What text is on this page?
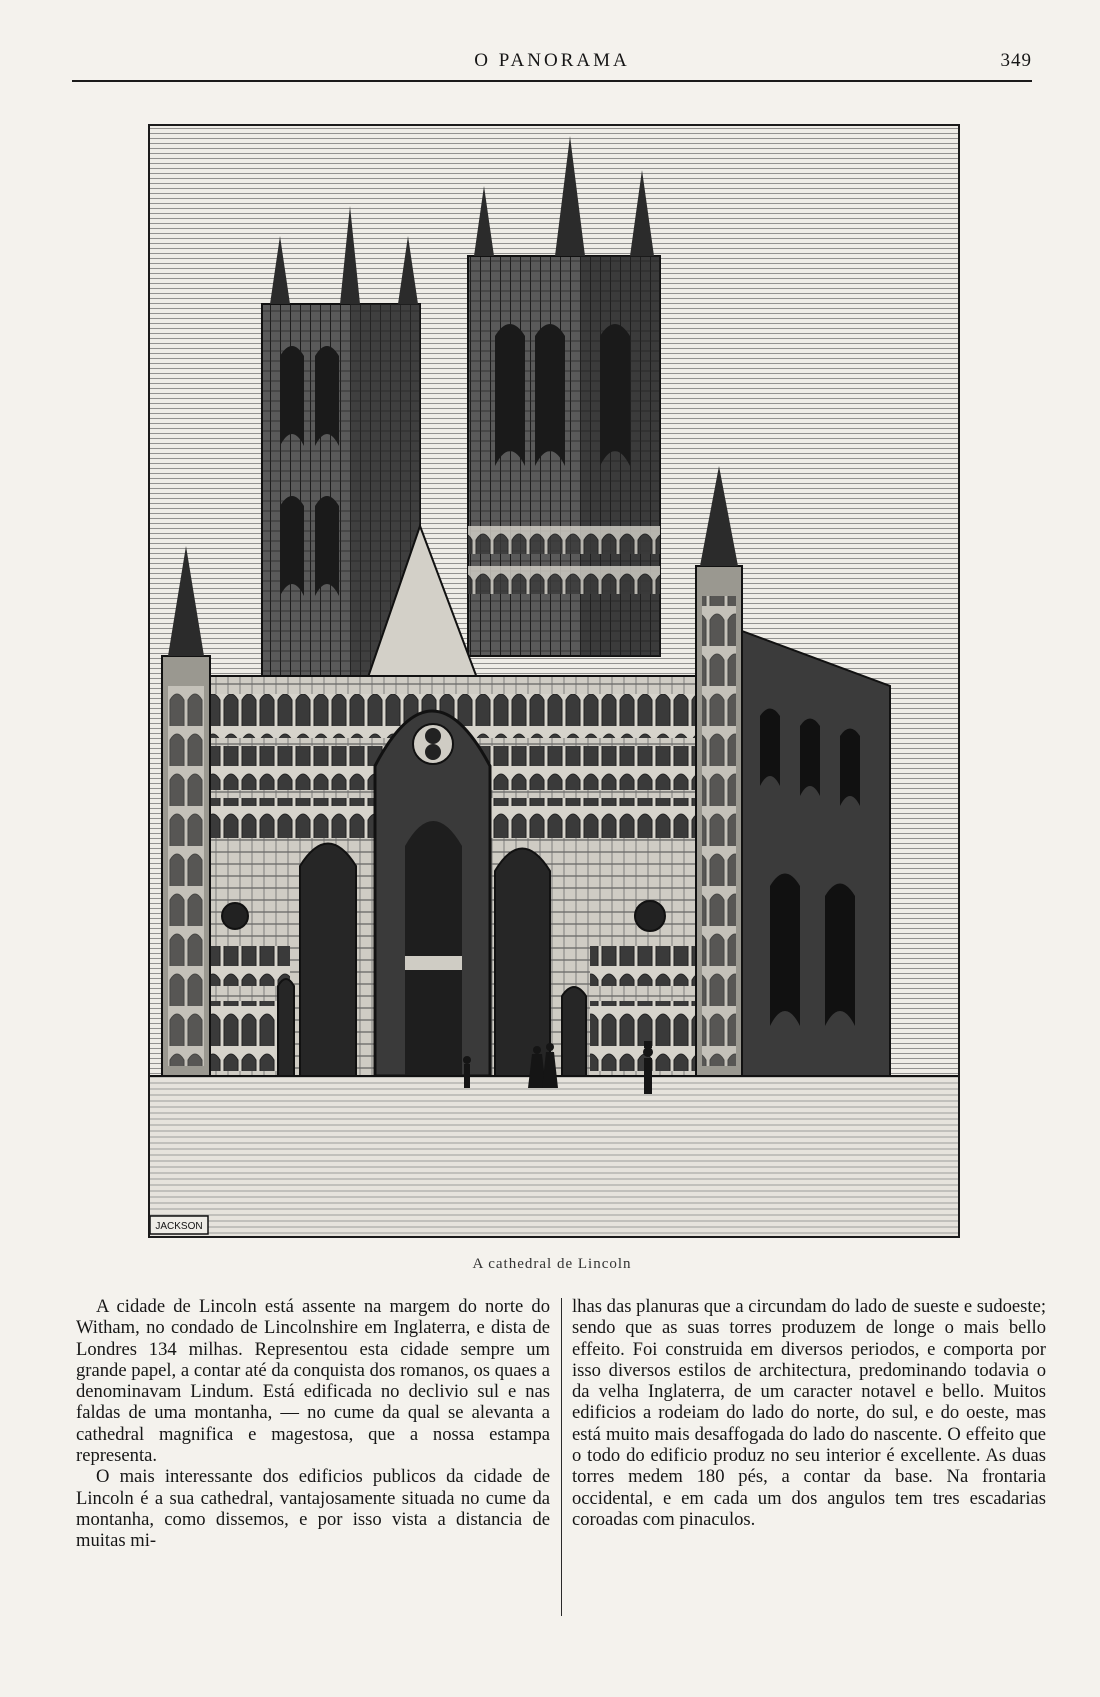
O PANORAMA	349
JACKSON
A cathedral de Lincoln

A cidade de Lincoln está assente na margem do norte do Witham, no condado de Lincolnshire em Inglaterra, e dista de Londres 134 milhas. Representou esta cidade sempre um grande papel, a contar até da conquista dos romanos, os quaes a denominavam Lindum. Está edificada no declivio sul e nas faldas de uma montanha, — no cume da qual se alevanta a cathedral magnifica e magestosa, que a nossa estampa representa.

O mais interessante dos edificios publicos da cidade de Lincoln é a sua cathedral, vantajosamente situada no cume da montanha, como dissemos, e por isso vista a distancia de muitas mi-

lhas das planuras que a circundam do lado de sueste e sudoeste; sendo que as suas torres produzem de longe o mais bello effeito. Foi construida em diversos periodos, e comporta por isso diversos estilos de architectura, predominando todavia o da velha Inglaterra, de um caracter notavel e bello. Muitos edificios a rodeiam do lado do norte, do sul, e do oeste, mas está muito mais desaffogada do lado do nascente. O effeito que o todo do edificio produz no seu interior é excellente. As duas torres medem 180 pés, a contar da base. Na frontaria occidental, e em cada um dos angulos tem tres escadarias coroadas com pinaculos.
